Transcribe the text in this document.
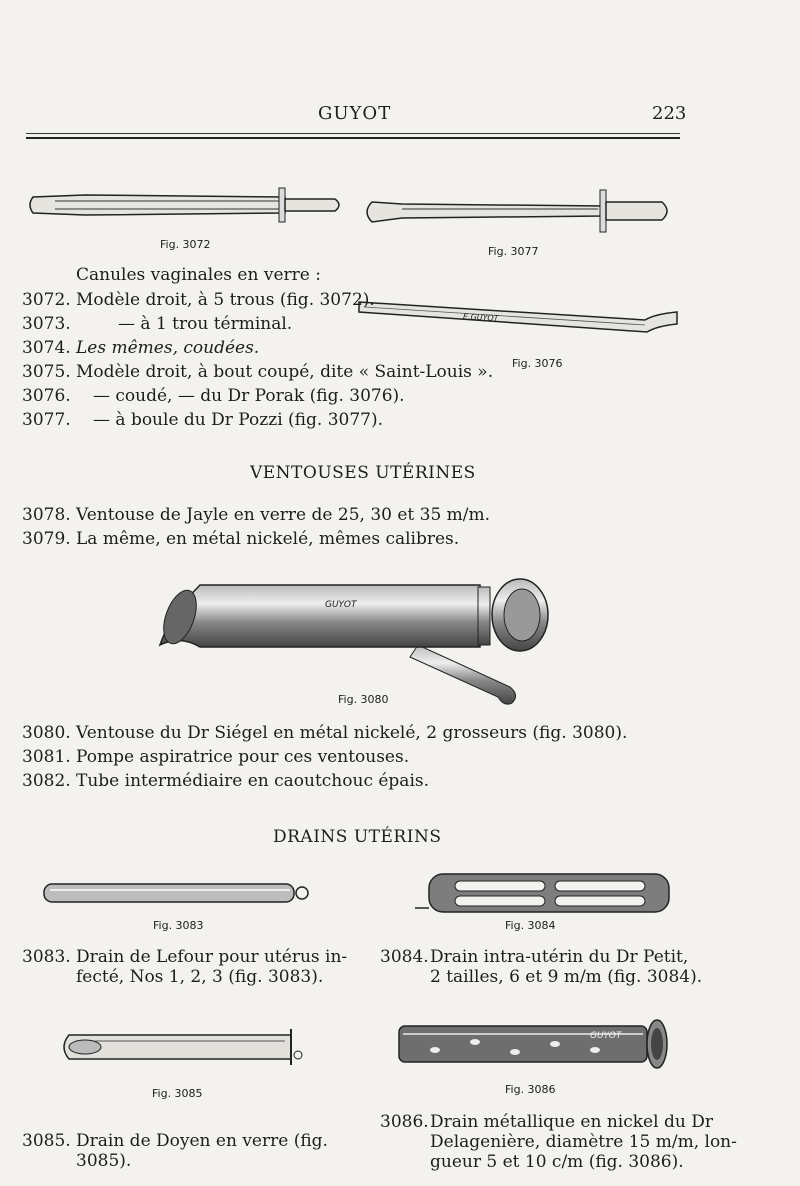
GUYOT	223
Fig. 3072
Fig. 3077
E.GUYOT
Fig. 3076
Canules vaginales en verre :
3072. Modèle droit, à 5 trous (fig. 3072).
3073.	— à 1 trou términal.
3074. Les mêmes, coudées.
3075. Modèle droit, à bout coupé, dite « Saint-Louis ».
3076. — coudé, — du Dr Porak (fig. 3076).
3077. — à boule du Dr Pozzi (fig. 3077).
VENTOUSES UTÉRINES
3078. Ventouse de Jayle en verre de 25, 30 et 35 m/m.
3079. La même, en métal nickelé, mêmes calibres.
GUYOT
Fig. 3080
3080. Ventouse du Dr Siégel en métal nickelé, 2 grosseurs (fig. 3080).
3081. Pompe aspiratrice pour ces ventouses.
3082. Tube intermédiaire en caoutchouc épais.
DRAINS UTÉRINS
Fig. 3083	Fig. 3084
3083. Drain de Lefour pour utérus in-
fecté, Nos 1, 2, 3 (fig. 3083).
3084. Drain intra-utérin du Dr Petit,
2 tailles, 6 et 9 m/m (fig. 3084).
Fig. 3085
GUYOT
Fig. 3086
3085. Drain de Doyen en verre (fig.
3085).
3086. Drain métallique en nickel du Dr
Delagenière, diamètre 15 m/m, lon-
gueur 5 et 10 c/m (fig. 3086).
